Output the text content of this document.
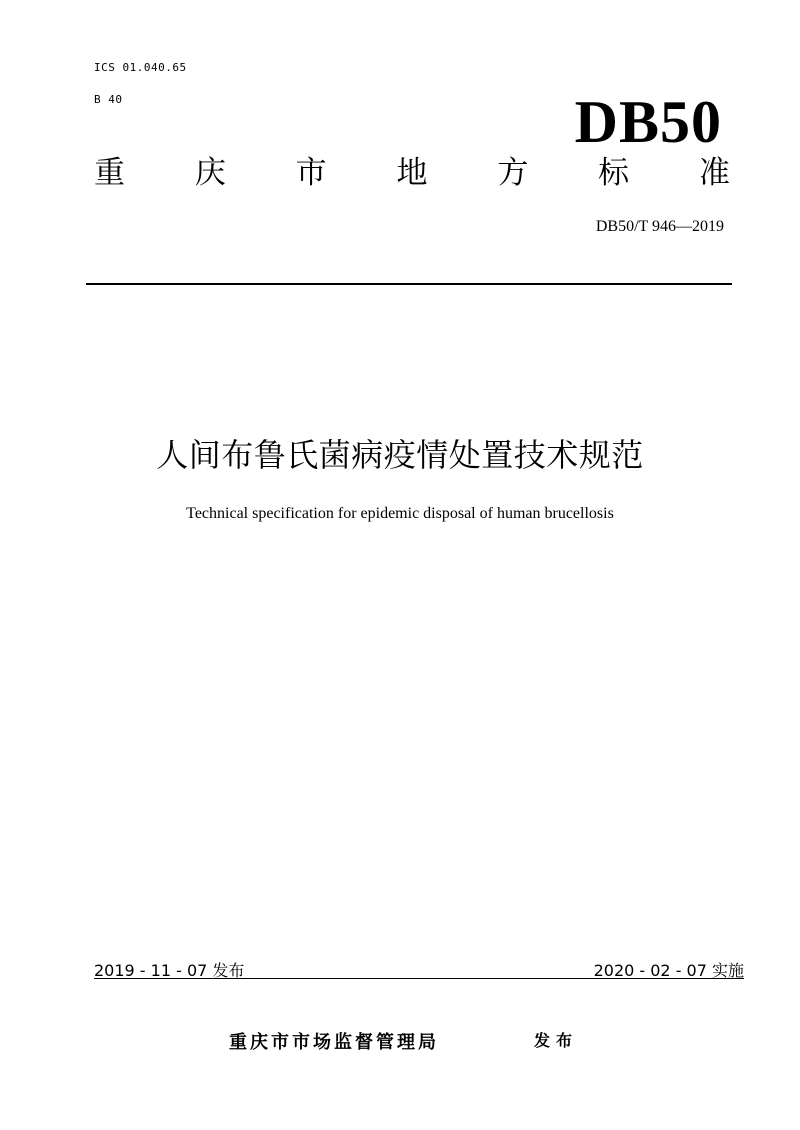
ICS 01.040.65
B 40	DB50
重 庆 市 地 方 标 准
DB50/T 946—2019
人间布鲁氏菌病疫情处置技术规范
Technical specification for epidemic disposal of human brucellosis
2019 - 11 - 07 发布	2020 - 02 - 07 实施
重庆市市场监督管理局	发布
